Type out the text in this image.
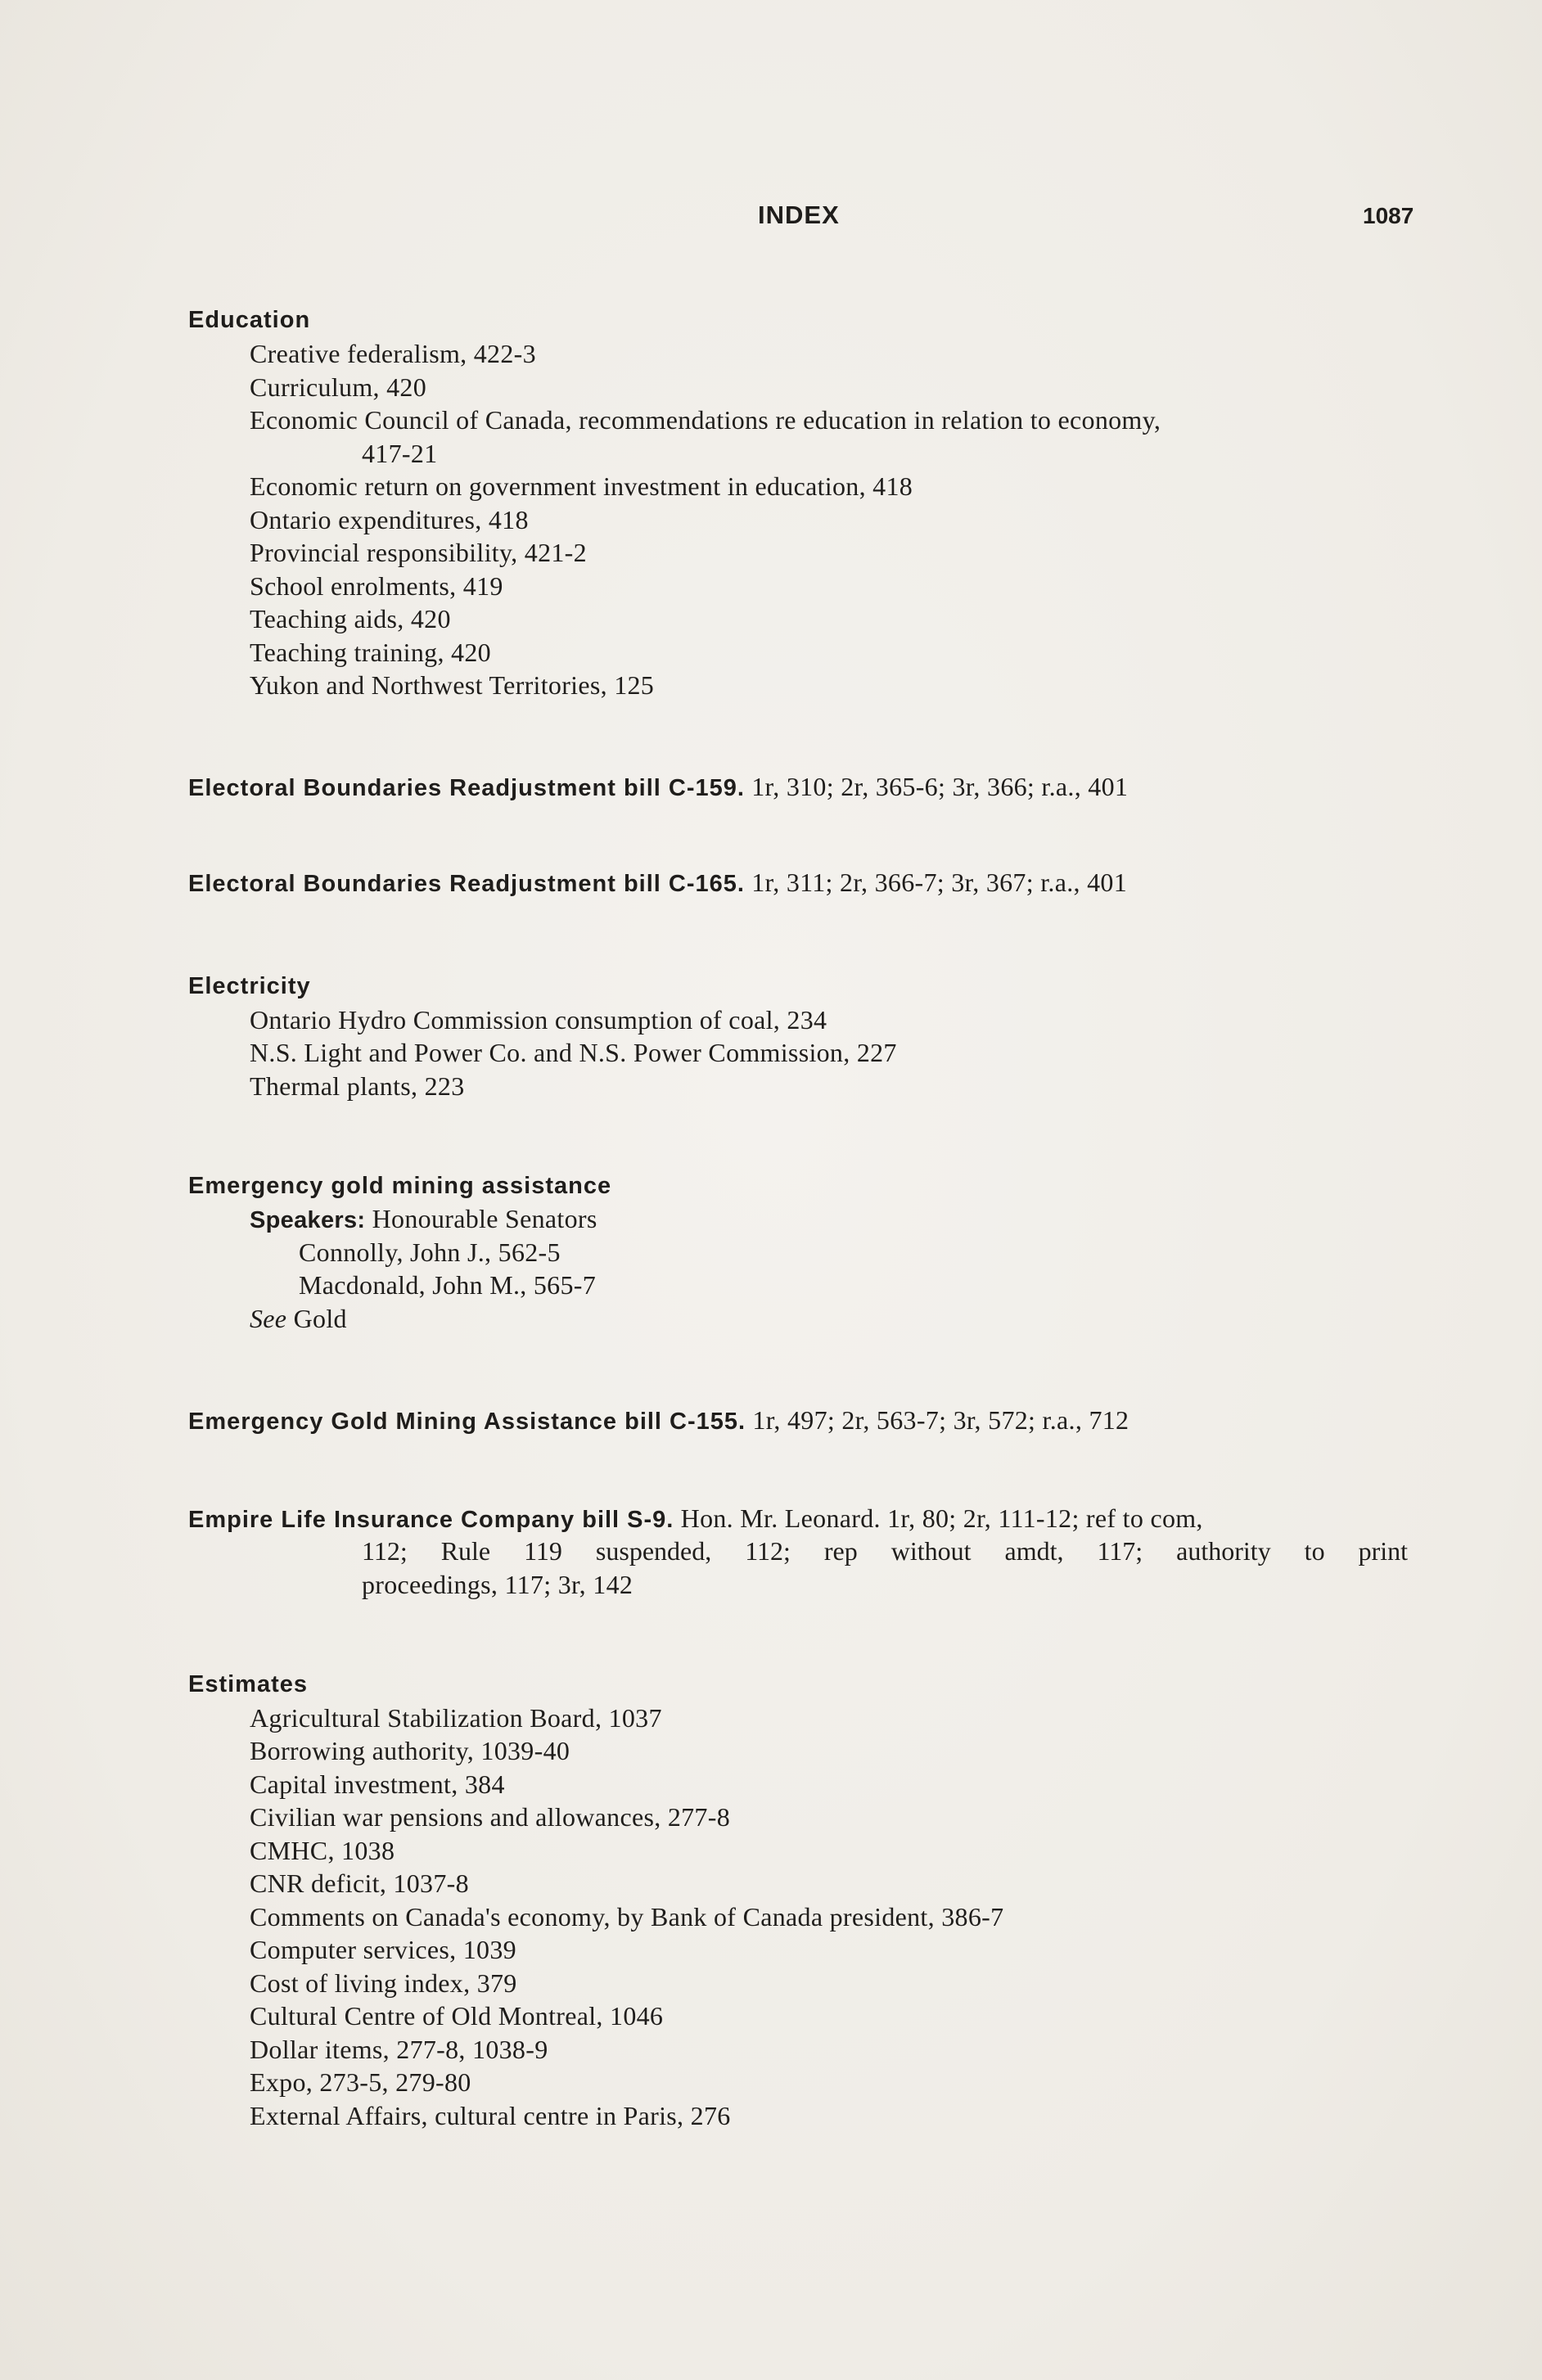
INDEX	1087
Education
Creative federalism, 422-3
Curriculum, 420
Economic Council of Canada, recommendations re education in relation to economy,
417-21
Economic return on government investment in education, 418
Ontario expenditures, 418
Provincial responsibility, 421-2
School enrolments, 419
Teaching aids, 420
Teaching training, 420
Yukon and Northwest Territories, 125
Electoral Boundaries Readjustment bill C-159. 1r, 310; 2r, 365-6; 3r, 366; r.a., 401
Electoral Boundaries Readjustment bill C-165. 1r, 311; 2r, 366-7; 3r, 367; r.a., 401
Electricity
Ontario Hydro Commission consumption of coal, 234
N.S. Light and Power Co. and N.S. Power Commission, 227
Thermal plants, 223
Emergency gold mining assistance
Speakers: Honourable Senators
Connolly, John J., 562-5
Macdonald, John M., 565-7
See Gold
Emergency Gold Mining Assistance bill C-155. 1r, 497; 2r, 563-7; 3r, 572; r.a., 712
Empire Life Insurance Company bill S-9. Hon. Mr. Leonard. 1r, 80; 2r, 111-12; ref to com,
112; Rule 119 suspended, 112; rep without amdt, 117; authority to print
proceedings, 117; 3r, 142
Estimates
Agricultural Stabilization Board, 1037
Borrowing authority, 1039-40
Capital investment, 384
Civilian war pensions and allowances, 277-8
CMHC, 1038
CNR deficit, 1037-8
Comments on Canada's economy, by Bank of Canada president, 386-7
Computer services, 1039
Cost of living index, 379
Cultural Centre of Old Montreal, 1046
Dollar items, 277-8, 1038-9
Expo, 273-5, 279-80
External Affairs, cultural centre in Paris, 276
